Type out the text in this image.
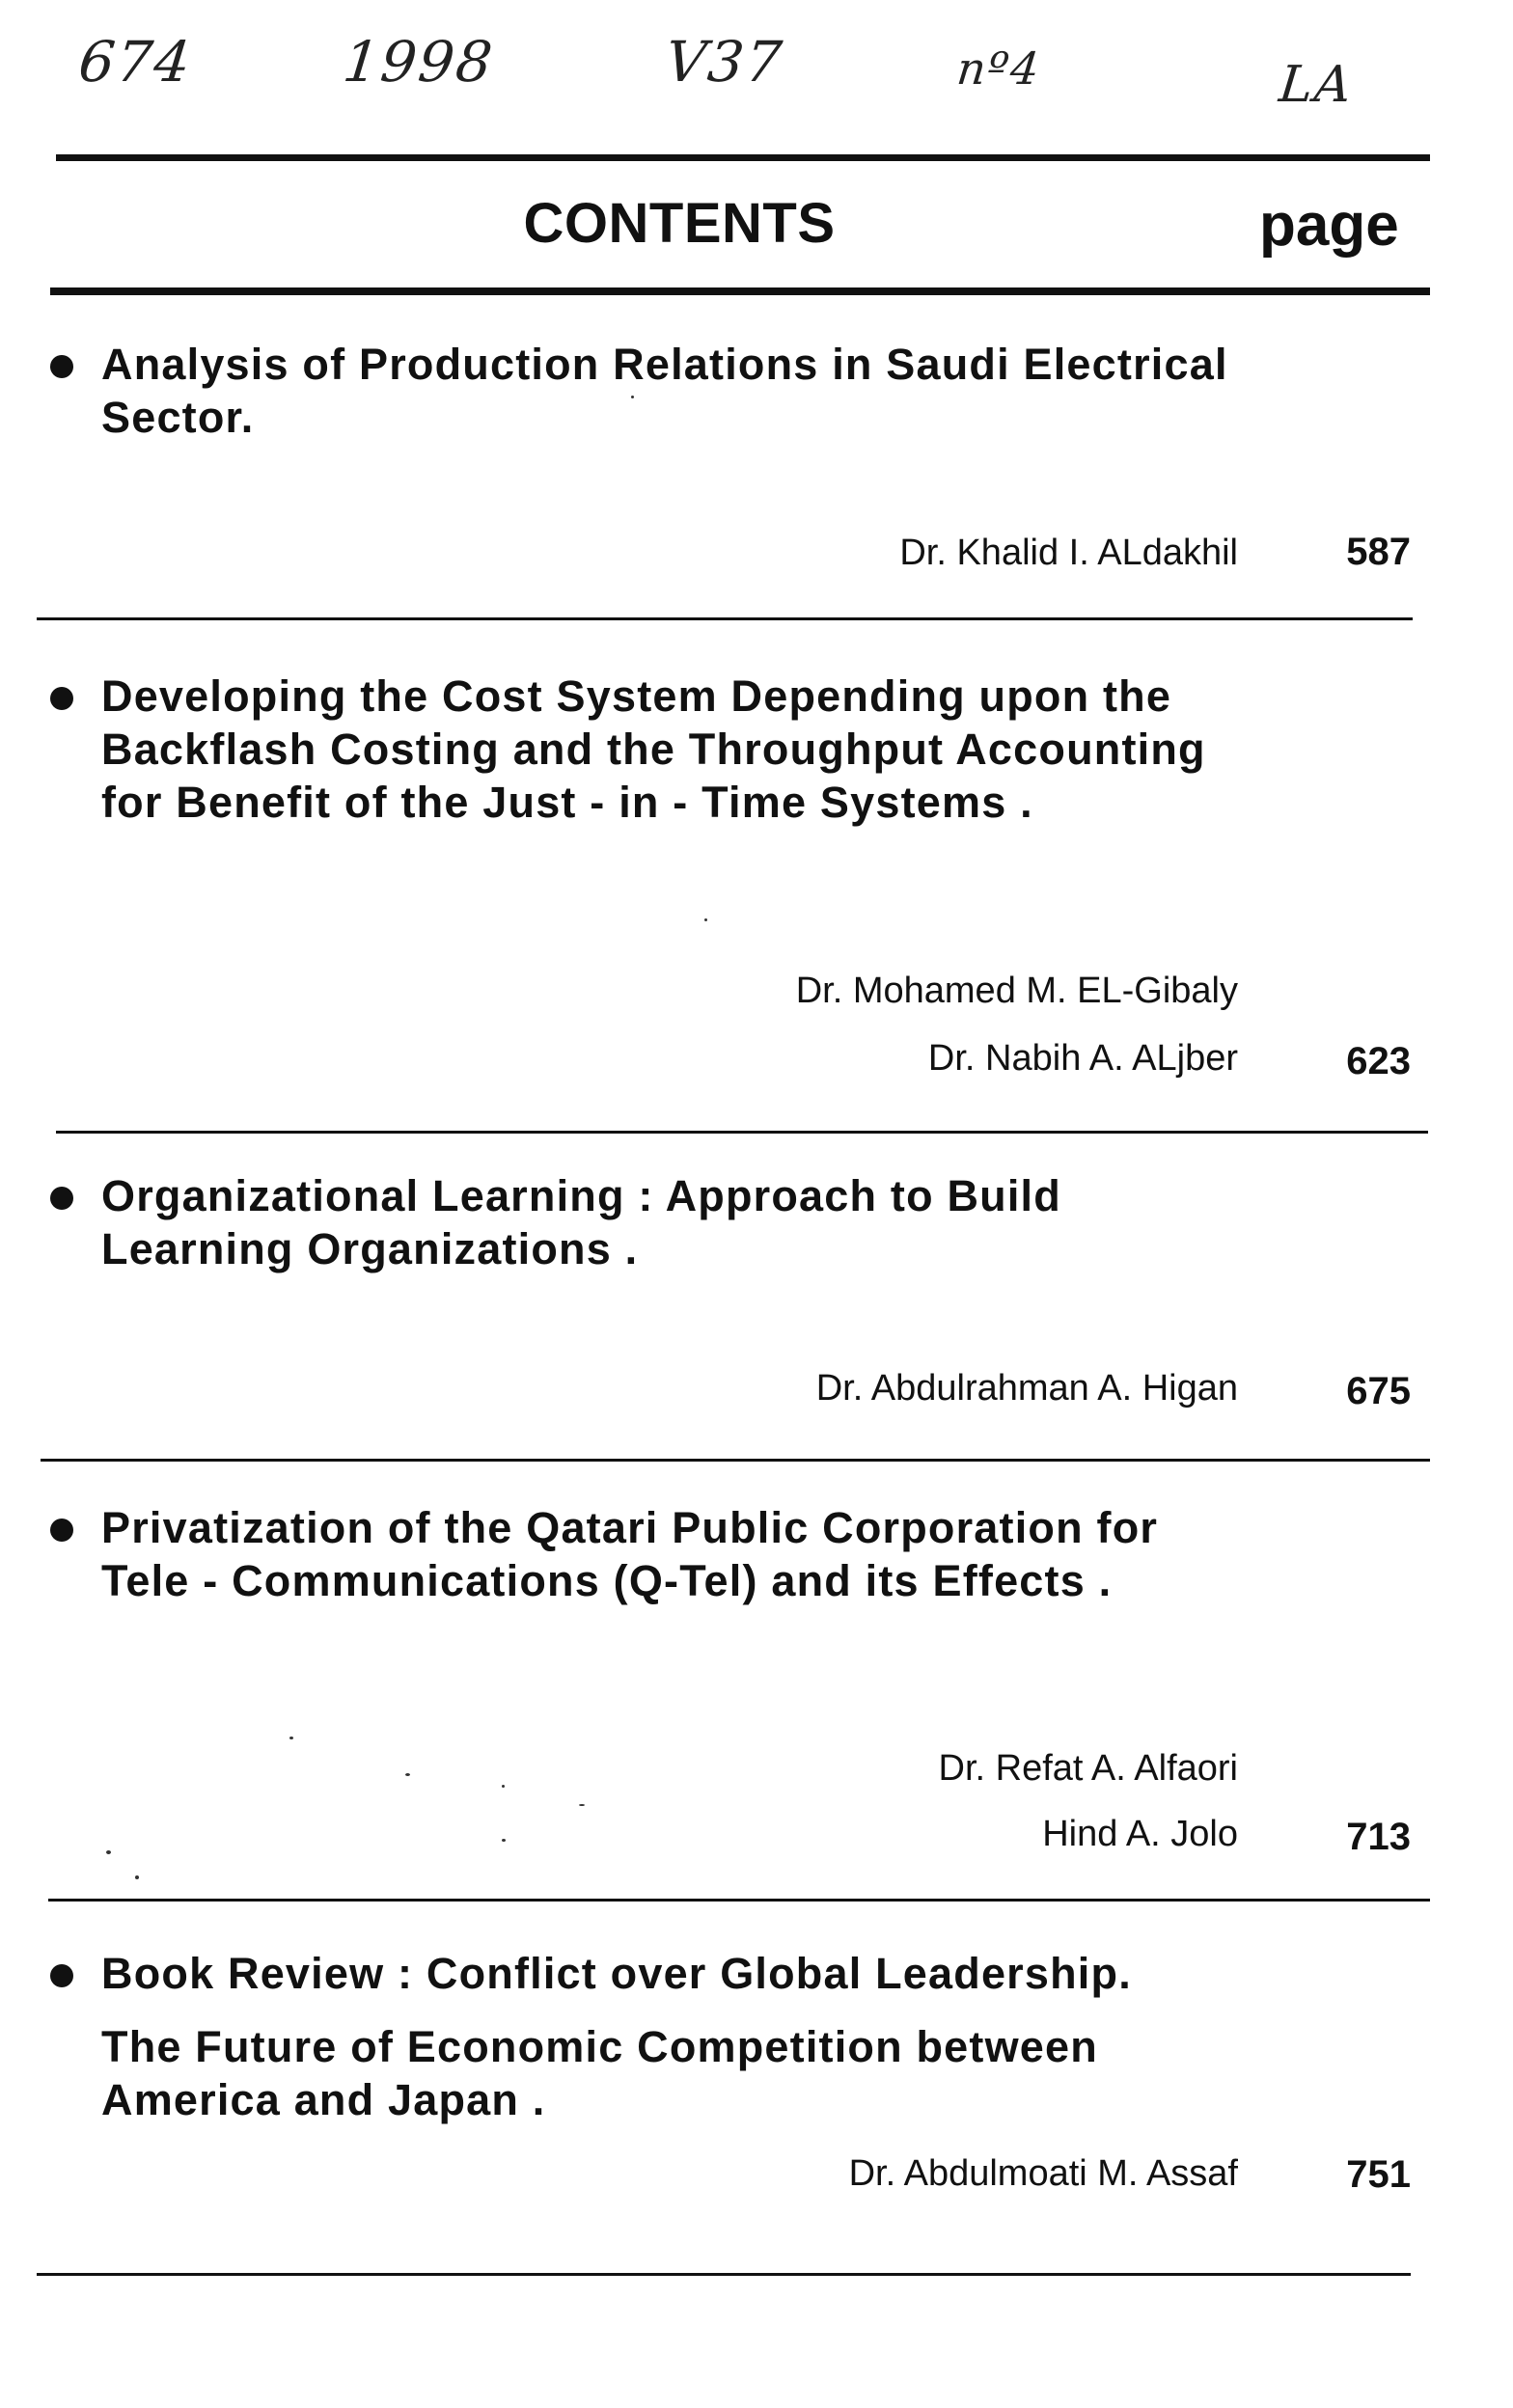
674	1998	V37	nº4	LA
CONTENTS	page
Analysis of Production Relations in Saudi Electrical Sector.
Dr. Khalid I. ALdakhil	587
Developing the Cost System Depending upon the Backflash Costing and the Throughput Accounting for Benefit of the Just - in - Time Systems .
Dr. Mohamed M. EL-Gibaly
Dr. Nabih A. ALjber	623
Organizational Learning : Approach to Build Learning Organizations .
Dr. Abdulrahman A. Higan	675
Privatization of the Qatari Public Corporation for Tele - Communications (Q-Tel) and its Effects .
Dr. Refat A. Alfaori
Hind A. Jolo	713
Book Review : Conflict over Global Leadership.
The Future of Economic Competition between America and Japan .
Dr. Abdulmoati M. Assaf	751
